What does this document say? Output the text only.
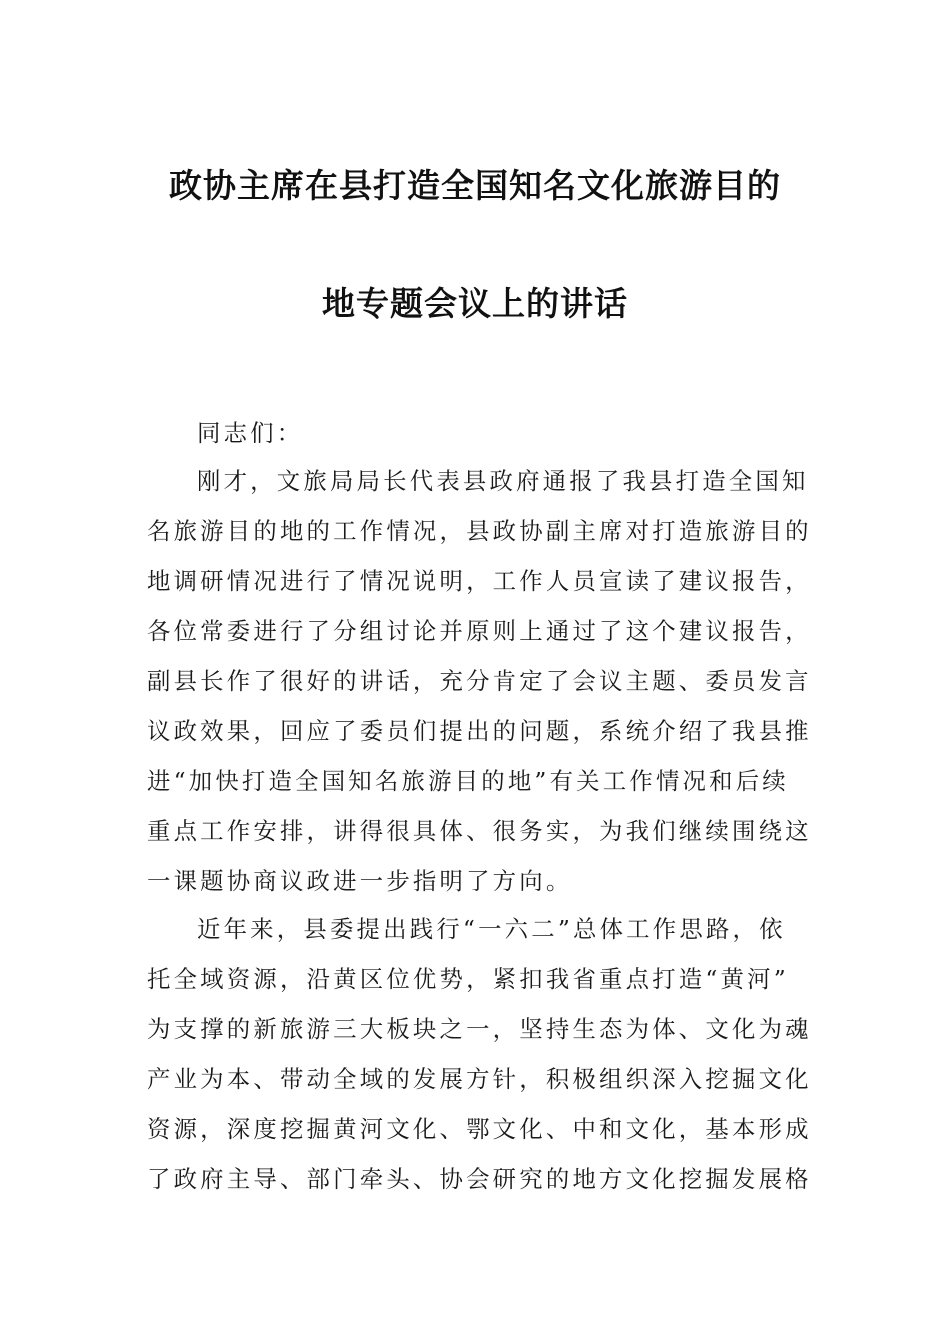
政协主席在县打造全国知名文化旅游目的
地专题会议上的讲话
同志们：
刚才，文旅局局长代表县政府通报了我县打造全国知
名旅游目的地的工作情况，县政协副主席对打造旅游目的
地调研情况进行了情况说明，工作人员宣读了建议报告，
各位常委进行了分组讨论并原则上通过了这个建议报告，
副县长作了很好的讲话，充分肯定了会议主题、委员发言
议政效果，回应了委员们提出的问题，系统介绍了我县推
进“加快打造全国知名旅游目的地”有关工作情况和后续
重点工作安排，讲得很具体、很务实，为我们继续围绕这
一课题协商议政进一步指明了方向。
近年来，县委提出践行“一六二”总体工作思路，依
托全域资源，沿黄区位优势，紧扣我省重点打造“黄河”
为支撑的新旅游三大板块之一，坚持生态为体、文化为魂
产业为本、带动全域的发展方针，积极组织深入挖掘文化
资源，深度挖掘黄河文化、鄂文化、中和文化，基本形成
了政府主导、部门牵头、协会研究的地方文化挖掘发展格
